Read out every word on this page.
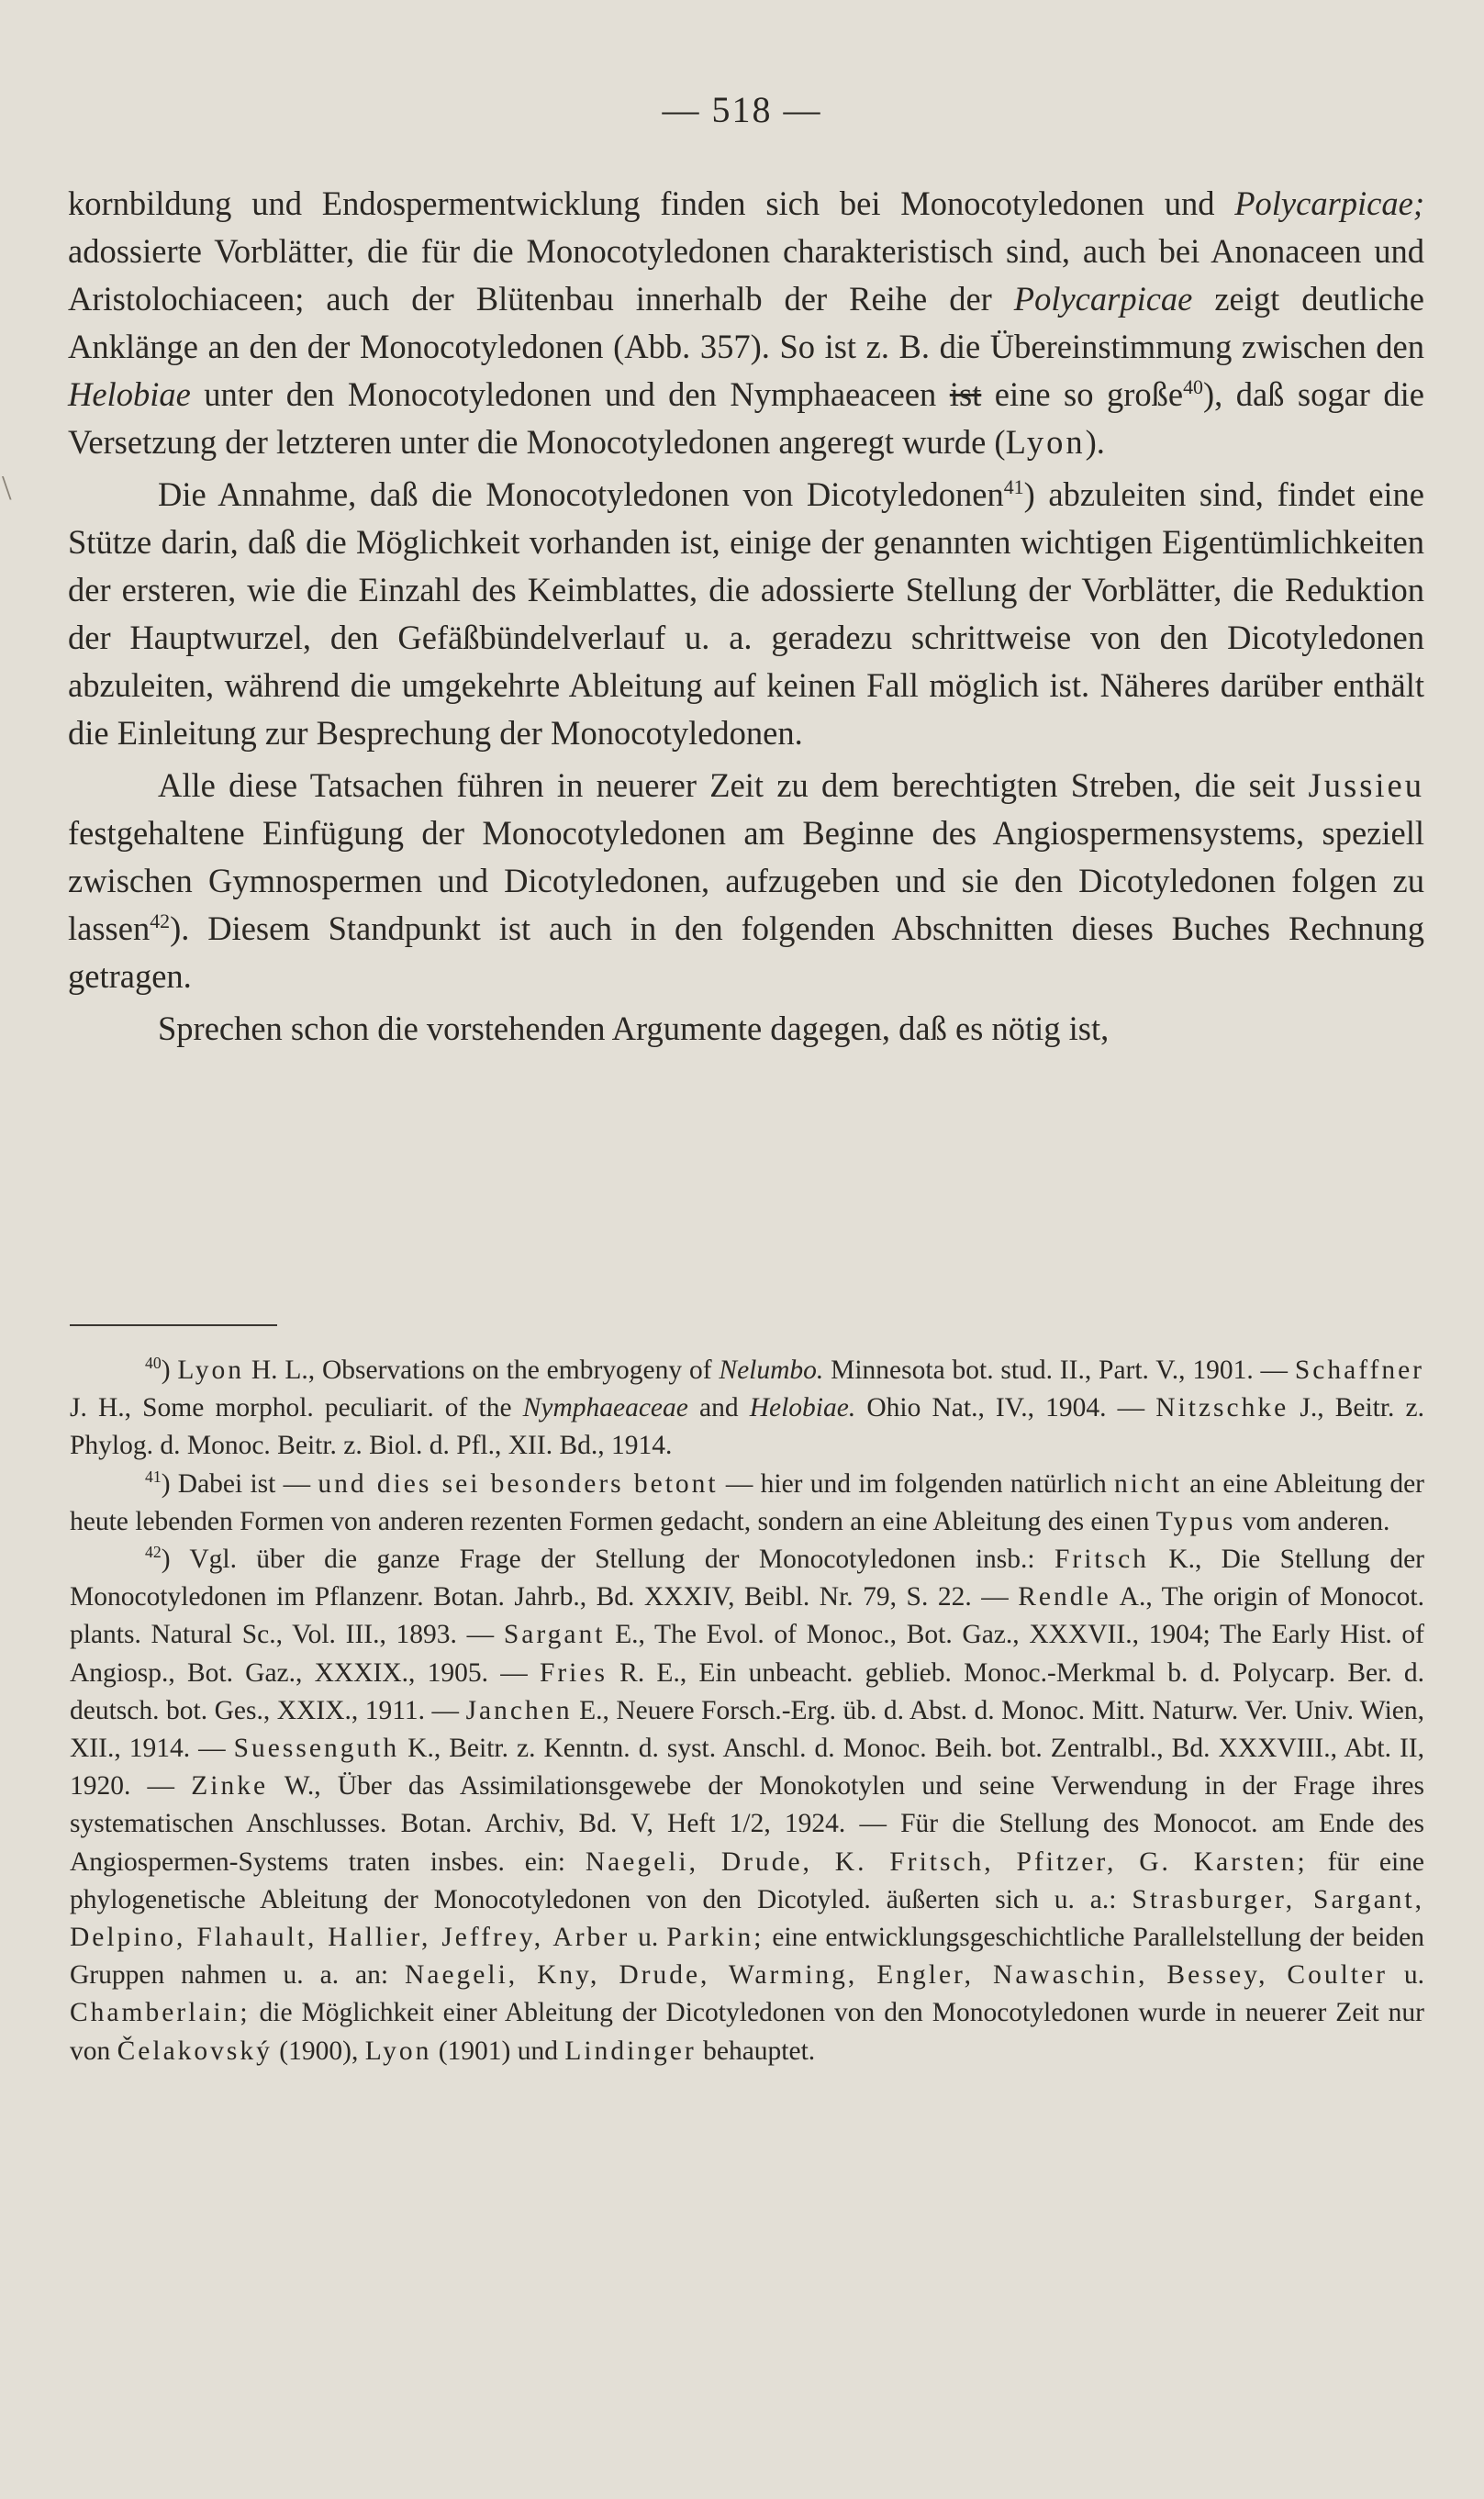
— 518 —
\

kornbildung und Endospermentwicklung finden sich bei Monocotyledonen und Polycarpicae; adossierte Vorblätter, die für die Monocotyledonen charakteristisch sind, auch bei Anonaceen und Aristolochiaceen; auch der Blütenbau innerhalb der Reihe der Polycarpicae zeigt deutliche Anklänge an den der Monocotyledonen (Abb. 357). So ist z. B. die Übereinstimmung zwischen den Helobiae unter den Monocotyledonen und den Nymphaeaceen ist eine so große$^{40}$), daß sogar die Versetzung der letzteren unter die Monocotyledonen angeregt wurde (Lyon).

Die Annahme, daß die Monocotyledonen von Dicotyledonen$^{41}$) abzuleiten sind, findet eine Stütze darin, daß die Möglichkeit vorhanden ist, einige der genannten wichtigen Eigentümlichkeiten der ersteren, wie die Einzahl des Keimblattes, die adossierte Stellung der Vorblätter, die Reduktion der Hauptwurzel, den Gefäßbündelverlauf u. a. geradezu schrittweise von den Dicotyledonen abzuleiten, während die umgekehrte Ableitung auf keinen Fall möglich ist. Näheres darüber enthält die Einleitung zur Besprechung der Monocotyledonen.

Alle diese Tatsachen führen in neuerer Zeit zu dem berechtigten Streben, die seit Jussieu festgehaltene Einfügung der Monocotyledonen am Beginne des Angiospermensystems, speziell zwischen Gymnospermen und Dicotyledonen, aufzugeben und sie den Dicotyledonen folgen zu lassen$^{42}$). Diesem Standpunkt ist auch in den folgenden Abschnitten dieses Buches Rechnung getragen.

Sprechen schon die vorstehenden Argumente dagegen, daß es nötig ist,

$^{40}$) Lyon H. L., Observations on the embryogeny of Nelumbo. Minnesota bot. stud. II., Part. V., 1901. — Schaffner J. H., Some morphol. peculiarit. of the Nymphaeaceae and Helobiae. Ohio Nat., IV., 1904. — Nitzschke J., Beitr. z. Phylog. d. Monoc. Beitr. z. Biol. d. Pfl., XII. Bd., 1914.

$^{41}$) Dabei ist — und dies sei besonders betont — hier und im folgenden natürlich nicht an eine Ableitung der heute lebenden Formen von anderen rezenten Formen gedacht, sondern an eine Ableitung des einen Typus vom anderen.

$^{42}$) Vgl. über die ganze Frage der Stellung der Monocotyledonen insb.: Fritsch K., Die Stellung der Monocotyledonen im Pflanzenr. Botan. Jahrb., Bd. XXXIV, Beibl. Nr. 79, S. 22. — Rendle A., The origin of Monocot. plants. Natural Sc., Vol. III., 1893. — Sargant E., The Evol. of Monoc., Bot. Gaz., XXXVII., 1904; The Early Hist. of Angiosp., Bot. Gaz., XXXIX., 1905. — Fries R. E., Ein unbeacht. geblieb. Monoc.-Merkmal b. d. Polycarp. Ber. d. deutsch. bot. Ges., XXIX., 1911. — Janchen E., Neuere Forsch.-Erg. üb. d. Abst. d. Monoc. Mitt. Naturw. Ver. Univ. Wien, XII., 1914. — Suessenguth K., Beitr. z. Kenntn. d. syst. Anschl. d. Monoc. Beih. bot. Zentralbl., Bd. XXXVIII., Abt. II, 1920. — Zinke W., Über das Assimilationsgewebe der Monokotylen und seine Verwendung in der Frage ihres systematischen Anschlusses. Botan. Archiv, Bd. V, Heft 1/2, 1924. — Für die Stellung des Monocot. am Ende des Angiospermen-Systems traten insbes. ein: Naegeli, Drude, K. Fritsch, Pfitzer, G. Karsten; für eine phylogenetische Ableitung der Monocotyledonen von den Dicotyled. äußerten sich u. a.: Strasburger, Sargant, Delpino, Flahault, Hallier, Jeffrey, Arber u. Parkin; eine entwicklungsgeschichtliche Parallelstellung der beiden Gruppen nahmen u. a. an: Naegeli, Kny, Drude, Warming, Engler, Nawaschin, Bessey, Coulter u. Chamberlain; die Möglichkeit einer Ableitung der Dicotyledonen von den Monocotyledonen wurde in neuerer Zeit nur von Čelakovský (1900), Lyon (1901) und Lindinger behauptet.
